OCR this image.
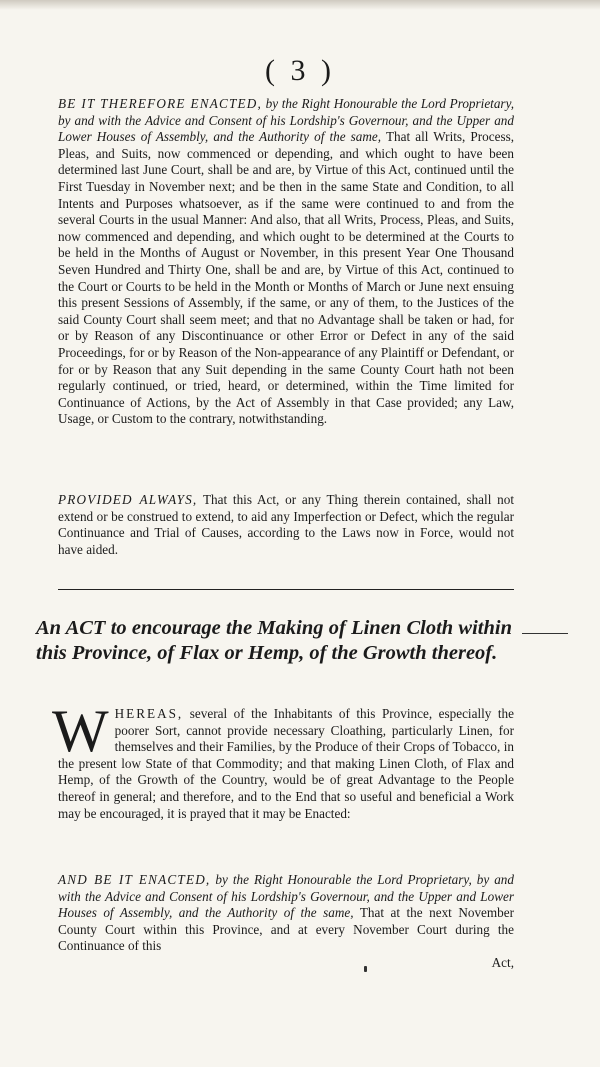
( 3 )
BE IT THEREFORE ENACTED, by the Right Honourable the Lord Proprietary, by and with the Advice and Consent of his Lordship's Governour, and the Upper and Lower Houses of Assembly, and the Authority of the same, That all Writs, Process, Pleas, and Suits, now commenced or depending, and which ought to have been determined last June Court, shall be and are, by Virtue of this Act, continued until the First Tuesday in November next; and be then in the same State and Condition, to all Intents and Purposes whatsoever, as if the same were continued to and from the several Courts in the usual Manner: And also, that all Writs, Process, Pleas, and Suits, now commenced and depending, and which ought to be determined at the Courts to be held in the Months of August or November, in this present Year One Thousand Seven Hundred and Thirty One, shall be and are, by Virtue of this Act, continued to the Court or Courts to be held in the Month or Months of March or June next ensuing this present Sessions of Assembly, if the same, or any of them, to the Justices of the said County Court shall seem meet; and that no Advantage shall be taken or had, for or by Reason of any Discontinuance or other Error or Defect in any of the said Proceedings, for or by Reason of the Non-appearance of any Plaintiff or Defendant, or for or by Reason that any Suit depending in the same County Court hath not been regularly continued, or tried, heard, or determined, within the Time limited for Continuance of Actions, by the Act of Assembly in that Case provided; any Law, Usage, or Custom to the contrary, notwithstanding.
PROVIDED ALWAYS, That this Act, or any Thing therein contained, shall not extend or be construed to extend, to aid any Imperfection or Defect, which the regular Continuance and Trial of Causes, according to the Laws now in Force, would not have aided.
An ACT to encourage the Making of Linen Cloth within this Province, of Flax or Hemp, of the Growth thereof.
W HEREAS, several of the Inhabitants of this Province, especially the poorer Sort, cannot provide necessary Cloathing, particularly Linen, for themselves and their Families, by the Produce of their Crops of Tobacco, in the present low State of that Commodity; and that making Linen Cloth, of Flax and Hemp, of the Growth of the Country, would be of great Advantage to the People thereof in general; and therefore, and to the End that so useful and beneficial a Work may be encouraged, it is prayed that it may be Enacted:
AND BE IT ENACTED, by the Right Honourable the Lord Proprietary, by and with the Advice and Consent of his Lordship's Governour, and the Upper and Lower Houses of Assembly, and the Authority of the same, That at the next November County Court within this Province, and at every November Court during the Continuance of this
Act,
